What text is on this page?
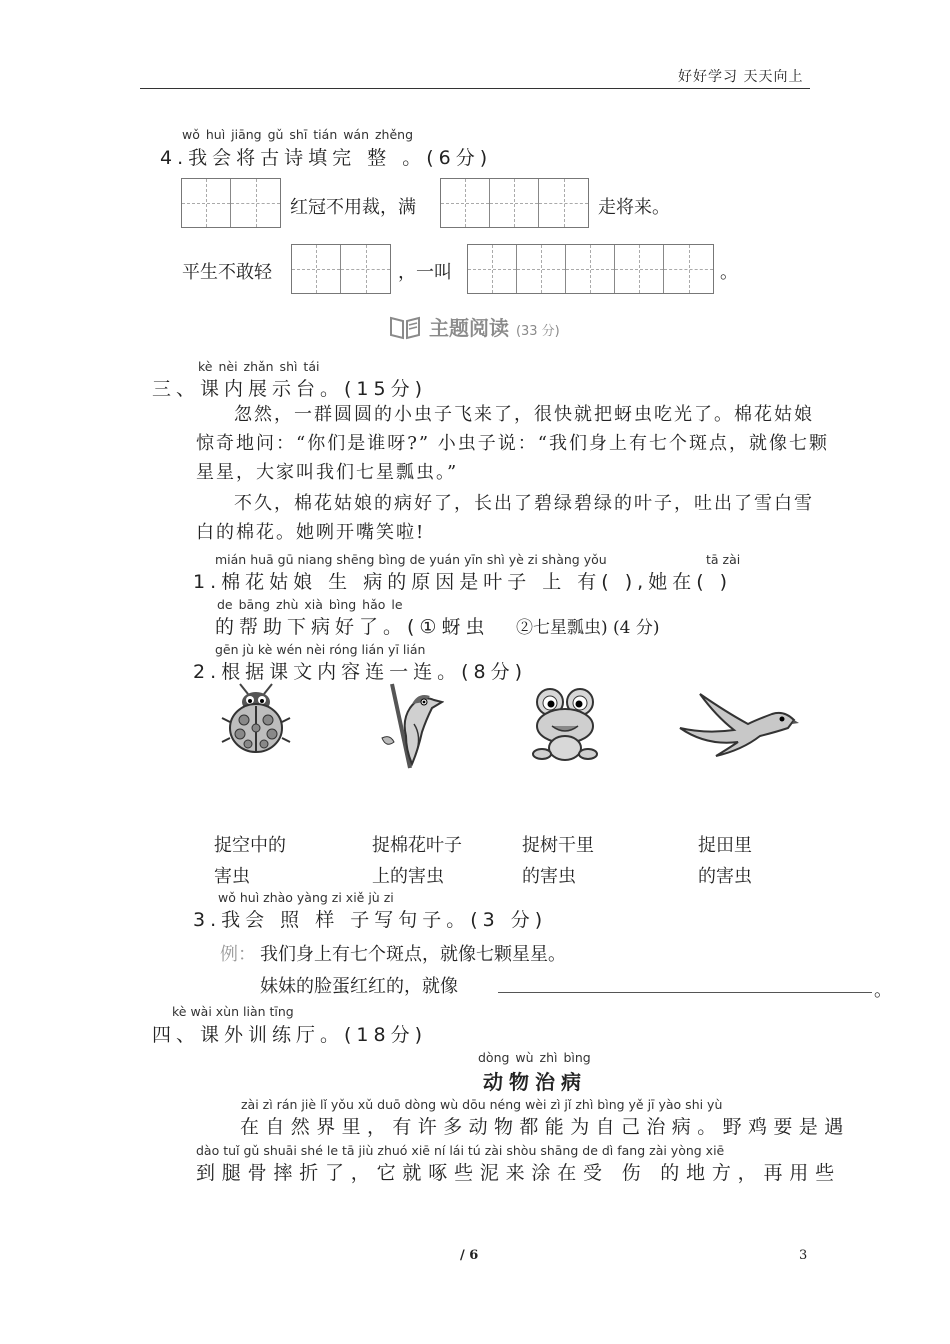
好好学习 天天向上
wǒ huì jiāng gǔ shī tián wán zhěng
4.我会将古诗填完 整 。(6分)
红冠不用裁，满	走将来。
平生不敢轻	，一叫	。
主题阅读 (33 分)
kè nèi zhǎn shì tái
三、课内展示台。(15分)
忽然，一群圆圆的小虫子飞来了，很快就把蚜虫吃光了。棉花姑娘
惊奇地问：“你们是谁呀?” 小虫子说：“我们身上有七个斑点，就像七颗
星星，大家叫我们七星瓢虫。”
不久，棉花姑娘的病好了，长出了碧绿碧绿的叶子，吐出了雪白雪
白的棉花。她咧开嘴笑啦!
mián huā gū niang shēng bìng de yuán yīn shì yè zi shàng yǒu	tā zài
1.棉花姑娘 生 病的原因是叶子 上 有( ),她在( )
de bāng zhù xià bìng hǎo le
的帮助下病好了。(①蚜虫 ②七星瓢虫) (4 分)
gēn jù kè wén nèi róng lián yī lián
2.根据课文内容连一连。(8分)
捉空中的
害虫
捉棉花叶子
上的害虫
捉树干里
的害虫
捉田里
的害虫
wǒ huì zhào yàng zi xiě jù zi
3.我会 照 样 子写句子。(3 分)
例： 我们身上有七个斑点，就像七颗星星。
妹妹的脸蛋红红的，就像	。
kè wài xùn liàn tīng
四、课外训练厅。(18分)
dòng wù zhì bìng
动物治病
zài zì rán jiè lǐ yǒu xǔ duō dòng wù dōu néng wèi zì jǐ zhì bìng yě jī yào shi yù
在自然界里，有许多动物都能为自己治病。野鸡要是遇
dào tuǐ gǔ shuāi shé le tā jiù zhuó xiē ní lái tú zài shòu shāng de dì fang zài yòng xiē
到腿骨摔折了，它就啄些泥来涂在受 伤 的地方，再用些
/ 6	3
